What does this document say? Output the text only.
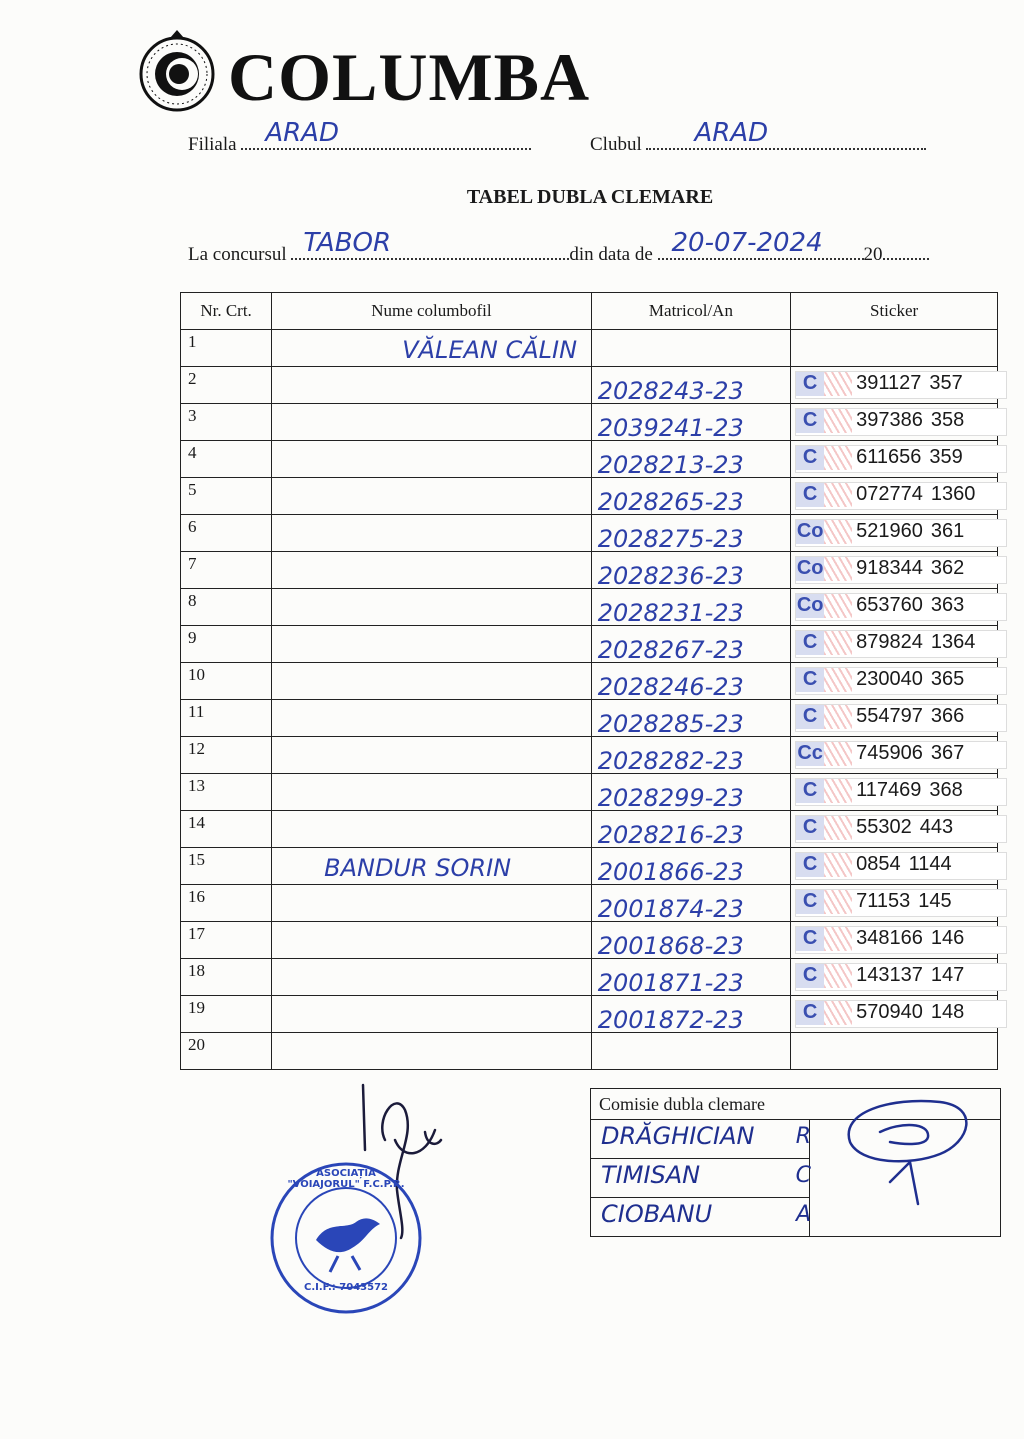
COLUMBA
Filiala ARAD	Clubul ARAD
TABEL DUBLA CLEMARE
La concursul TABOR	din data de 20-07-2024 20
Nr. Crt.	Nume columbofil	Matricol/An	Sticker
1	VĂLEAN CĂLIN		

2		2028243-23	C 391127 357

3		2039241-23	C 397386 358

4		2028213-23	C 611656 359

5		2028265-23	C 072774 1360

6		2028275-23	Co 521960 361

7		2028236-23	Co 918344 362

8		2028231-23	Co 653760 363

9		2028267-23	C 879824 1364

10		2028246-23	C 230040 365

11		2028285-23	C 554797 366

12		2028282-23	Cc 745906 367

13		2028299-23	C 117469 368

14		2028216-23	C 55302 443

15	BANDUR SORIN	2001866-23	C 0854 1144

16		2001874-23	C 71153 145

17		2001868-23	C 348166 146

18		2001871-23	C 143137 147

19		2001872-23	C 570940 148

20	

ASOCIAȚIA "VOIAJORUL" F.C.P.R.
C.I.F.: 7043572
Comisie dubla clemare

DRĂGHICIAN R

TIMISAN	C

CIOBANU	A
